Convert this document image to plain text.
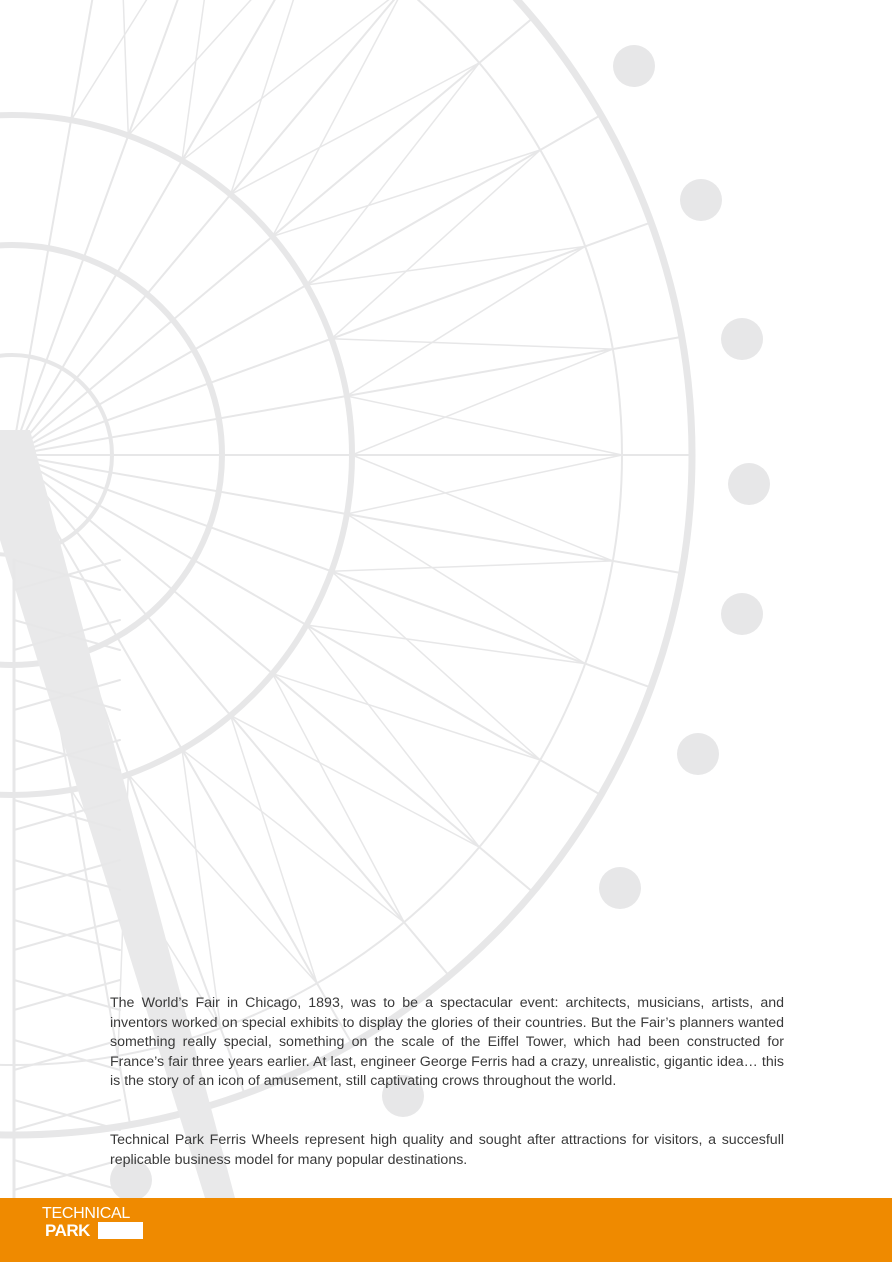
The World’s Fair in Chicago, 1893, was to be a spectacular event: architects, musicians, artists, and inventors worked on special exhibits to display the glories of their countries. But the Fair’s planners wanted something really special, something on the scale of the Eiffel Tower, which had been constructed for France’s fair three years earlier. At last, engineer George Ferris had a crazy, unrealistic, gigantic idea… this is the story of an icon of amusement, still captivating crows throughout the world.

Technical Park Ferris Wheels represent high quality and sought after attractions for visitors, a succesfull replicable business model for many popular destinations.

TECHNICAL
PARK
